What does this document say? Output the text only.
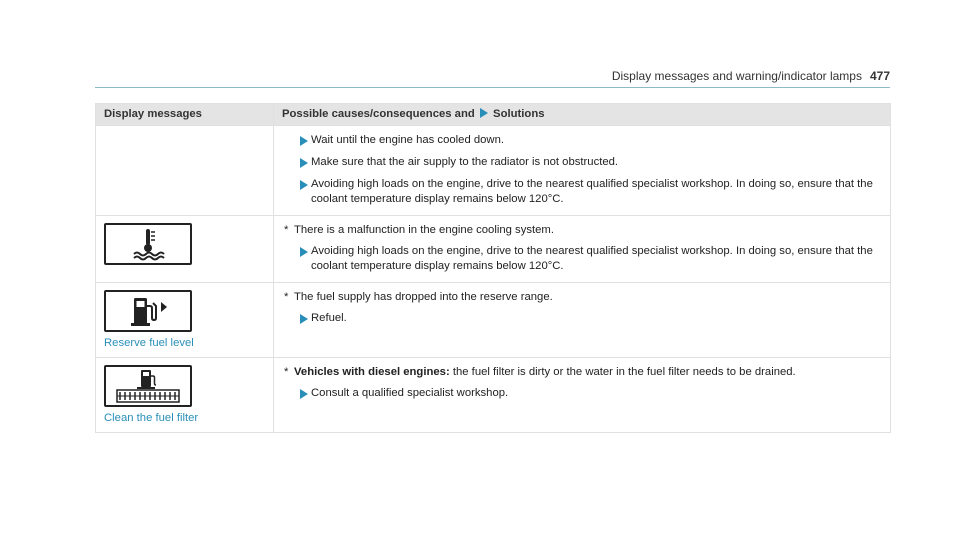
Display messages and warning/indicator lamps 477
Display messages	Possible causes/consequences and Solutions

Wait until the engine has cooled down.
Make sure that the air supply to the radiator is not obstructed.
Avoiding high loads on the engine, drive to the nearest qualified specialist workshop. In doing so, ensure that the coolant temperature display remains below 120°C.

* There is a malfunction in the engine cooling system.
Avoiding high loads on the engine, drive to the nearest qualified specialist workshop. In doing so, ensure that the coolant temperature display remains below 120°C.

Reserve fuel level	* The fuel supply has dropped into the reserve range.
Refuel.

Clean the fuel filter	* Vehicles with diesel engines: the fuel filter is dirty or the water in the fuel filter needs to be drained.
Consult a qualified specialist workshop.
